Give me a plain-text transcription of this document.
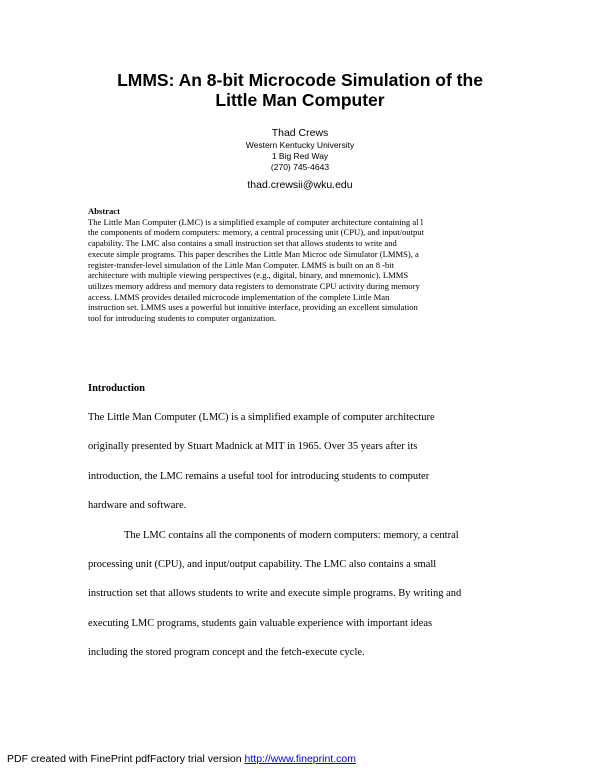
LMMS: An 8-bit Microcode Simulation of the
Little Man Computer
Thad Crews
Western Kentucky University
1 Big Red Way
(270) 745-4643
thad.crewsii@wku.edu
Abstract
The Little Man Computer (LMC) is a simplified example of computer architecture containing al l
the components of modern computers: memory, a central processing unit (CPU), and input/output
capability. The LMC also contains a small instruction set that allows students to write and
execute simple programs. This paper describes the Little Man Microc ode Simulator (LMMS), a
register-transfer-level simulation of the Little Man Computer. LMMS is built on an 8 -bit
architecture with multiple viewing perspectives (e.g., digital, binary, and mnemonic). LMMS
utilizes memory address and memory data registers to demonstrate CPU activity during memory
access. LMMS provides detailed microcode implementation of the complete Little Man
instruction set. LMMS uses a powerful but intuitive interface, providing an excellent simulation
tool for introducing students to computer organization.
Introduction
The Little Man Computer (LMC) is a simplified example of computer architecture
originally presented by Stuart Madnick at MIT in 1965. Over 35 years after its
introduction, the LMC remains a useful tool for introducing students to computer
hardware and software.
The LMC contains all the components of modern computers: memory, a central
processing unit (CPU), and input/output capability. The LMC also contains a small
instruction set that allows students to write and execute simple programs. By writing and
executing LMC programs, students gain valuable experience with important ideas
including the stored program concept and the fetch-execute cycle.
PDF created with FinePrint pdfFactory trial version http://www.fineprint.com
